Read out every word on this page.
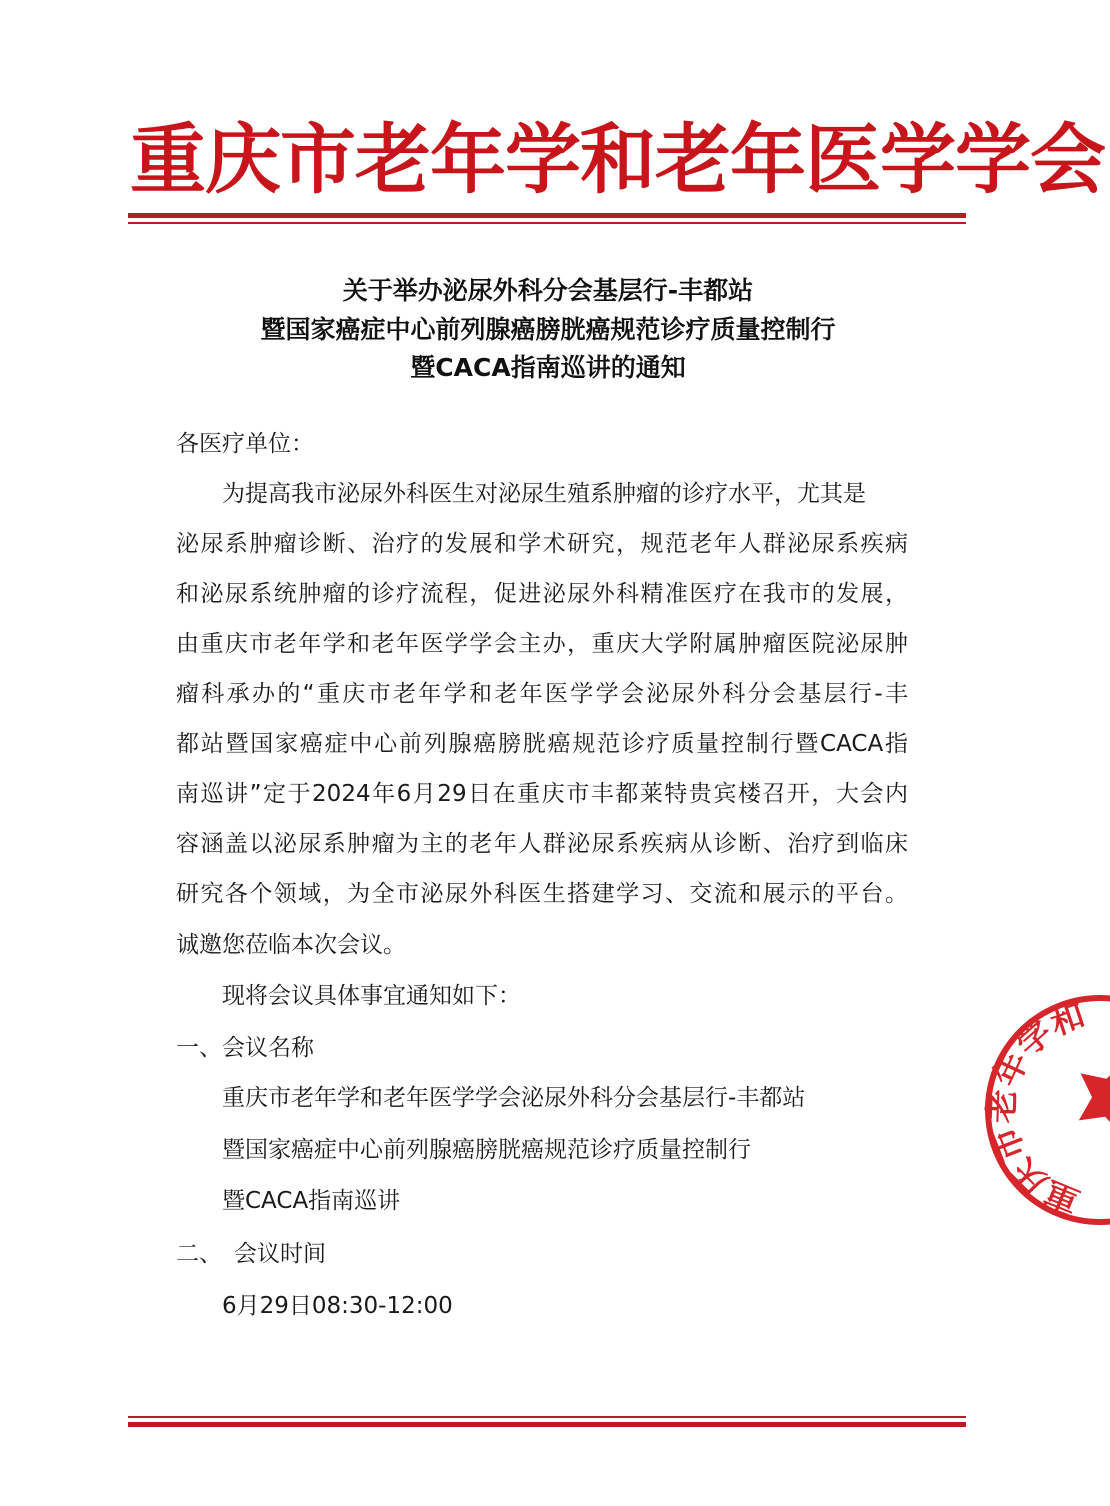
重庆市老年学和老年医学学会
关于举办泌尿外科分会基层行-丰都站
暨国家癌症中心前列腺癌膀胱癌规范诊疗质量控制行
暨CACA指南巡讲的通知
各医疗单位：
为提高我市泌尿外科医生对泌尿生殖系肿瘤的诊疗水平，尤其是
泌尿系肿瘤诊断、治疗的发展和学术研究，规范老年人群泌尿系疾病
和泌尿系统肿瘤的诊疗流程，促进泌尿外科精准医疗在我市的发展，
由重庆市老年学和老年医学学会主办，重庆大学附属肿瘤医院泌尿肿
瘤科承办的“重庆市老年学和老年医学学会泌尿外科分会基层行-丰
都站暨国家癌症中心前列腺癌膀胱癌规范诊疗质量控制行暨CACA指
南巡讲”定于2024年6月29日在重庆市丰都莱特贵宾楼召开，大会内
容涵盖以泌尿系肿瘤为主的老年人群泌尿系疾病从诊断、治疗到临床
研究各个领域，为全市泌尿外科医生搭建学习、交流和展示的平台。
诚邀您莅临本次会议。
现将会议具体事宜通知如下：
一、会议名称
重庆市老年学和老年医学学会泌尿外科分会基层行-丰都站
暨国家癌症中心前列腺癌膀胱癌规范诊疗质量控制行
暨CACA指南巡讲
二、 会议时间
6月29日08:30-12:00
重庆市老年学和
